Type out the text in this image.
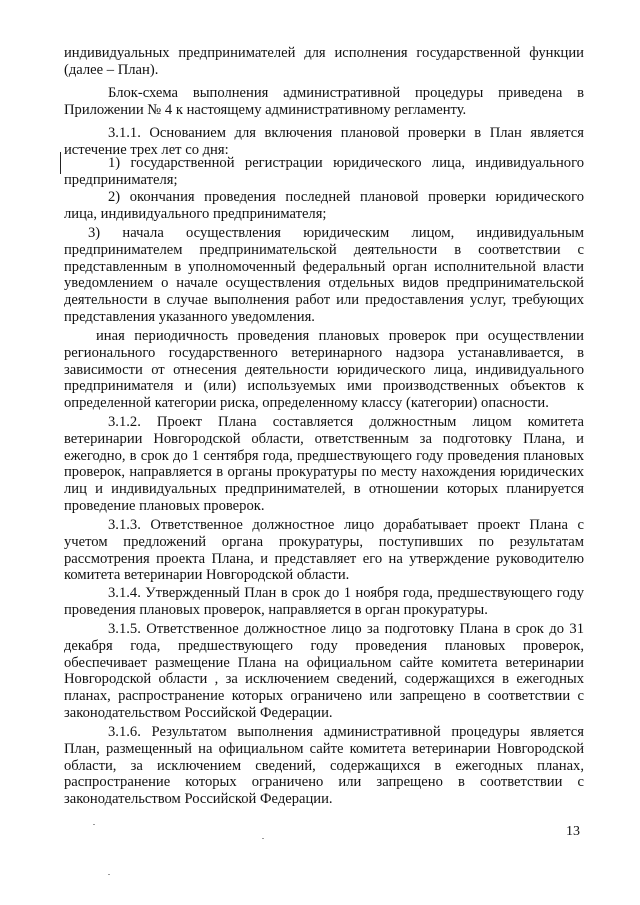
индивидуальных предпринимателей для исполнения государственной функции (далее – План).

Блок-схема выполнения административной процедуры приведена в Приложении № 4 к настоящему административному регламенту.

3.1.1. Основанием для включения плановой проверки в План является истечение трех лет со дня:

1) государственной регистрации юридического лица, индивидуального предпринимателя;

2) окончания проведения последней плановой проверки юридического лица, индивидуального предпринимателя;

3) начала осуществления юридическим лицом, индивидуальным предпринимателем предпринимательской деятельности в соответствии с представленным в уполномоченный федеральный орган исполнительной власти уведомлением о начале осуществления отдельных видов предпринимательской деятельности в случае выполнения работ или предоставления услуг, требующих представления указанного уведомления.

иная периодичность проведения плановых проверок при осуществлении регионального государственного ветеринарного надзора устанавливается, в зависимости от отнесения деятельности юридического лица, индивидуального предпринимателя и (или) используемых ими производственных объектов к определенной категории риска, определенному классу (категории) опасности.

3.1.2. Проект Плана составляется должностным лицом комитета ветеринарии Новгородской области, ответственным за подготовку Плана, и ежегодно, в срок до 1 сентября года, предшествующего году проведения плановых проверок, направляется в органы прокуратуры по месту нахождения юридических лиц и индивидуальных предпринимателей, в отношении которых планируется проведение плановых проверок.

3.1.3. Ответственное должностное лицо дорабатывает проект Плана с учетом предложений органа прокуратуры, поступивших по результатам рассмотрения проекта Плана, и представляет его на утверждение руководителю комитета ветеринарии Новгородской области.

3.1.4. Утвержденный План в срок до 1 ноября года, предшествующего году проведения плановых проверок, направляется в орган прокуратуры.

3.1.5. Ответственное должностное лицо за подготовку Плана в срок до 31 декабря года, предшествующего году проведения плановых проверок, обеспечивает размещение Плана на официальном сайте комитета ветеринарии Новгородской области , за исключением сведений, содержащихся в ежегодных планах, распространение которых ограничено или запрещено в соответствии с законодательством Российской Федерации.

3.1.6. Результатом выполнения административной процедуры является План, размещенный на официальном сайте комитета ветеринарии Новгородской области, за исключением сведений, содержащихся в ежегодных планах, распространение которых ограничено или запрещено в соответствии с законодательством Российской Федерации.

13
